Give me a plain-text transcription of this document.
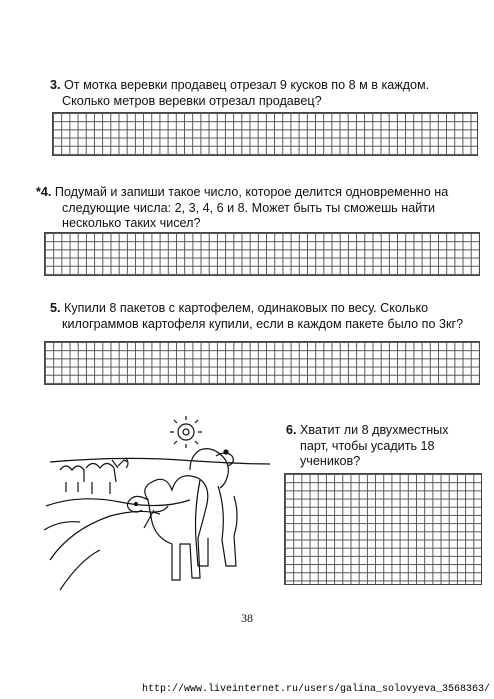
3. От мотка веревки продавец отрезал 9 кусков по 8 м в каждом.
Сколько метров веревки отрезал продавец?
*4. Подумай и запиши такое число, которое делится одновременно на
следующие числа: 2, 3, 4, 6 и 8. Может быть ты сможешь найти
несколько таких чисел?
5. Купили 8 пакетов с картофелем, одинаковых по весу. Сколько
килограммов картофеля купили, если в каждом пакете было по 3кг?
6. Хватит ли 8 двухместных
парт, чтобы усадить 18
учеников?
38
http://www.liveinternet.ru/users/galina_solovyeva_3568363/
